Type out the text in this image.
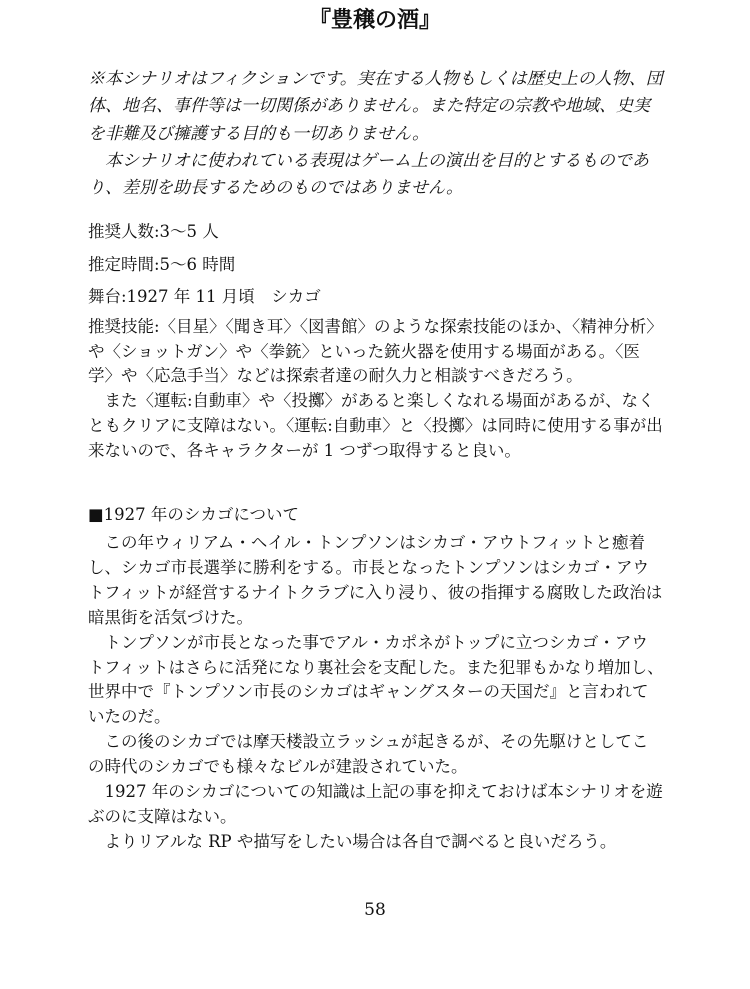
『豊穣の酒』

※本シナリオはフィクションです。実在する人物もしくは歴史上の人物、団体、地名、事件等は一切関係がありません。また特定の宗教や地域、史実を非難及び擁護する目的も一切ありません。

本シナリオに使われている表現はゲーム上の演出を目的とするものであり、差別を助長するためのものではありません。

推奨人数:3〜5 人
推定時間:5〜6 時間
舞台:1927 年 11 月頃　シカゴ

推奨技能:〈目星〉〈聞き耳〉〈図書館〉のような探索技能のほか、〈精神分析〉や〈ショットガン〉や〈拳銃〉といった銃火器を使用する場面がある。〈医学〉や〈応急手当〉などは探索者達の耐久力と相談すべきだろう。

また〈運転:自動車〉や〈投擲〉があると楽しくなれる場面があるが、なくともクリアに支障はない。〈運転:自動車〉と〈投擲〉は同時に使用する事が出来ないので、各キャラクターが 1 つずつ取得すると良い。

■1927 年のシカゴについて

この年ウィリアム・ヘイル・トンプソンはシカゴ・アウトフィットと癒着し、シカゴ市長選挙に勝利をする。市長となったトンプソンはシカゴ・アウトフィットが経営するナイトクラブに入り浸り、彼の指揮する腐敗した政治は暗黒街を活気づけた。

トンプソンが市長となった事でアル・カポネがトップに立つシカゴ・アウトフィットはさらに活発になり裏社会を支配した。また犯罪もかなり増加し、世界中で『トンプソン市長のシカゴはギャングスターの天国だ』と言われていたのだ。

この後のシカゴでは摩天楼設立ラッシュが起きるが、その先駆けとしてこの時代のシカゴでも様々なビルが建設されていた。

1927 年のシカゴについての知識は上記の事を抑えておけば本シナリオを遊ぶのに支障はない。

よりリアルな RP や描写をしたい場合は各自で調べると良いだろう。

58
